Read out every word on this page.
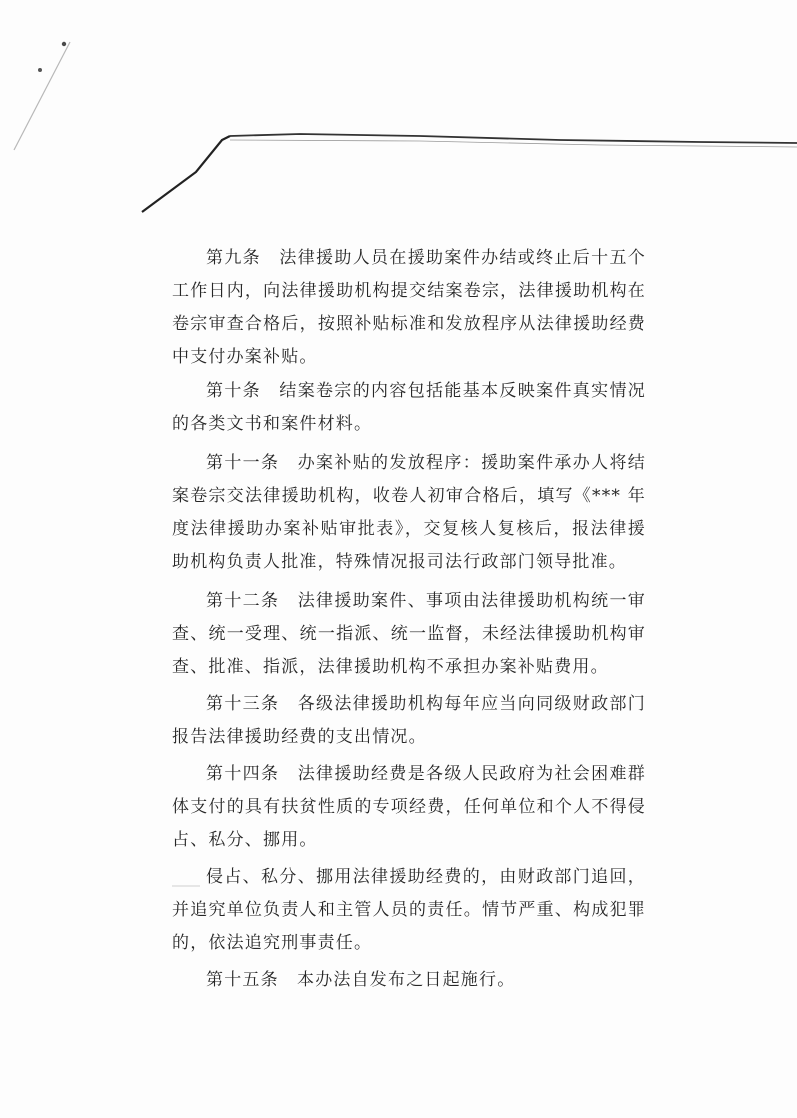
第九条　法律援助人员在援助案件办结或终止后十五个工作日内，向法律援助机构提交结案卷宗，法律援助机构在卷宗审查合格后，按照补贴标准和发放程序从法律援助经费中支付办案补贴。

第十条　结案卷宗的内容包括能基本反映案件真实情况的各类文书和案件材料。

第十一条　办案补贴的发放程序：援助案件承办人将结案卷宗交法律援助机构，收卷人初审合格后，填写《*** 年度法律援助办案补贴审批表》，交复核人复核后，报法律援助机构负责人批准，特殊情况报司法行政部门领导批准。

第十二条　法律援助案件、事项由法律援助机构统一审查、统一受理、统一指派、统一监督，未经法律援助机构审查、批准、指派，法律援助机构不承担办案补贴费用。

第十三条　各级法律援助机构每年应当向同级财政部门报告法律援助经费的支出情况。

第十四条　法律援助经费是各级人民政府为社会困难群体支付的具有扶贫性质的专项经费，任何单位和个人不得侵占、私分、挪用。

侵占、私分、挪用法律援助经费的，由财政部门追回，并追究单位负责人和主管人员的责任。情节严重、构成犯罪的，依法追究刑事责任。

第十五条　本办法自发布之日起施行。
